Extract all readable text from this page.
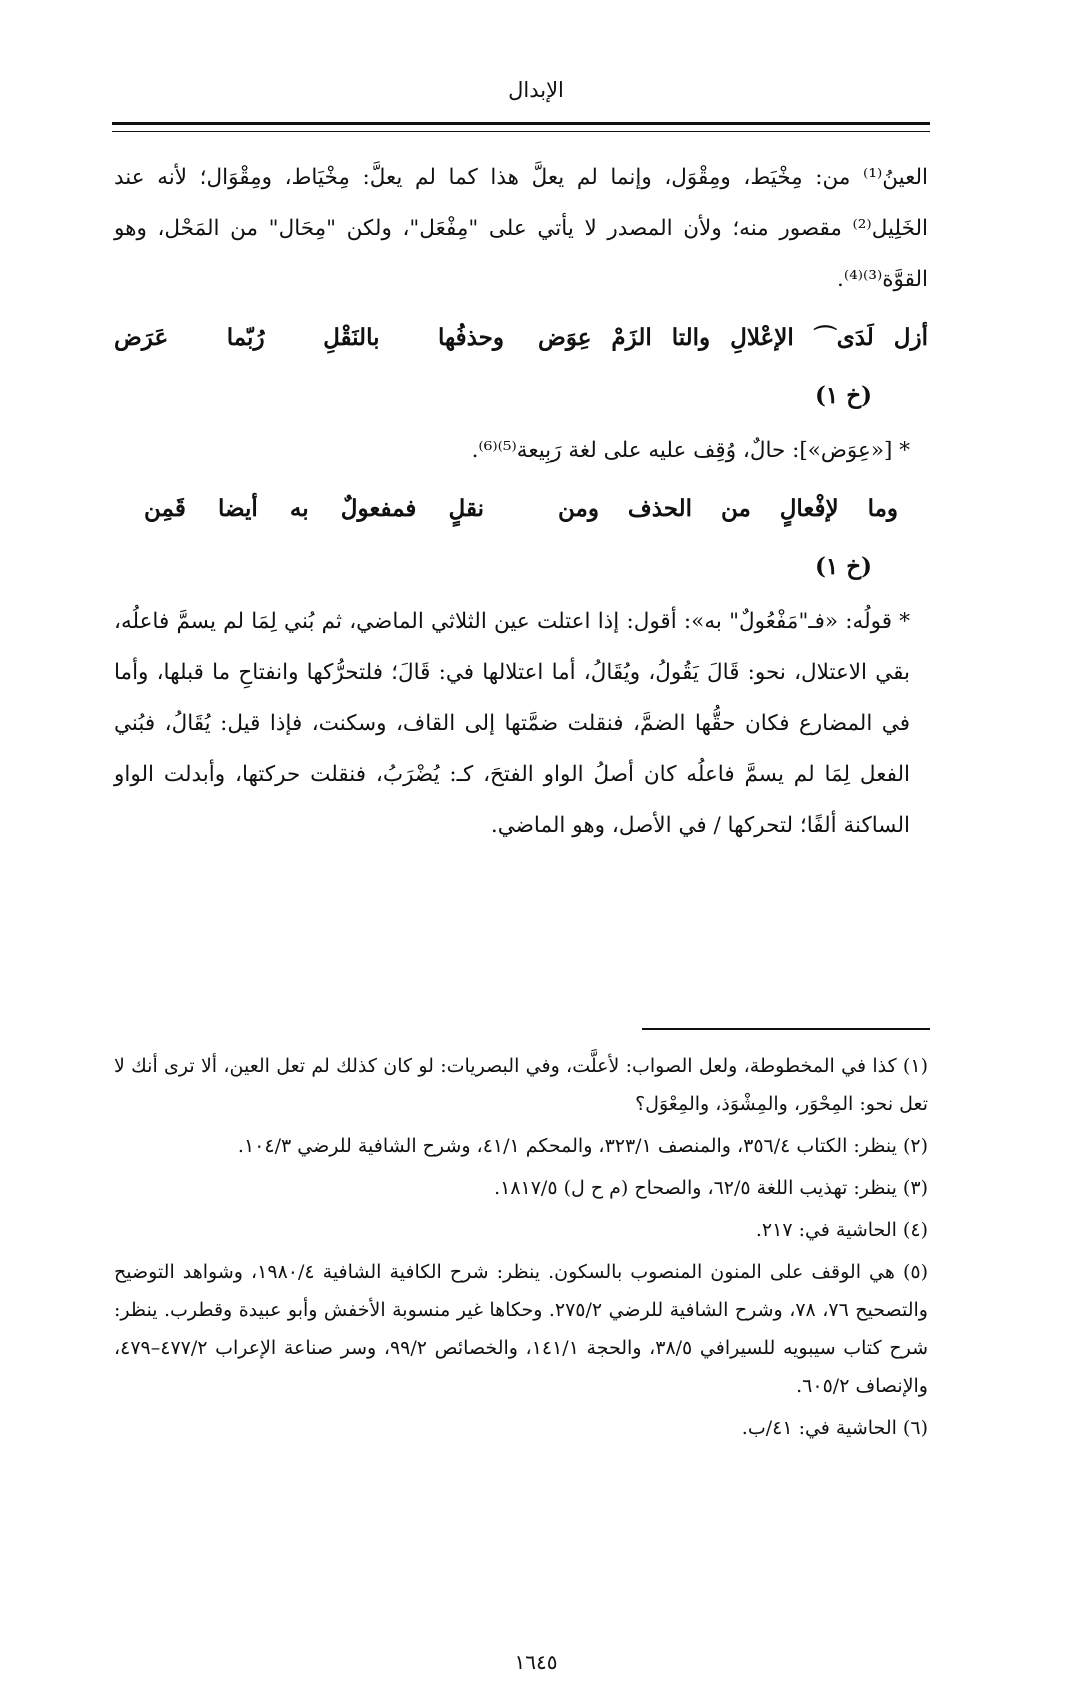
الإبدال

العينُ⁽¹⁾ من: مِخْيَط، ومِقْوَل، وإنما لم يعلَّ هذا كما لم يعلَّ: مِخْيَاط، ومِقْوَال؛ لأنه عند الخَلِيل⁽²⁾ مقصور منه؛ ولأن المصدر لا يأتي على "مِفْعَل"، ولكن "مِحَال" من المَحْل، وهو القوَّة⁽³⁾⁽⁴⁾.

أزل
لَدَى⌒
الإعْلالِ
والتا
الزَمْ
عِوَض
وحذفُها
بالنَقْلِ
رُبّما
عَرَض
(خ ١)

* [«عِوَض»]: حالٌ، وُقِف عليه على لغة رَبِيعة⁽⁵⁾⁽⁶⁾.

وما
لإفْعالٍ
من
الحذف
ومن
نقلٍ
فمفعولٌ
به
أيضا
قَمِن
(خ ١)

* قولُه: «فـ"مَفْعُولٌ" به»: أقول: إذا اعتلت عين الثلاثي الماضي، ثم بُني لِمَا لم يسمَّ فاعلُه، بقي الاعتلال، نحو: قَالَ يَقُولُ، ويُقَالُ، أما اعتلالها في: قَالَ؛ فلتحرُّكها وانفتاحِ ما قبلها، وأما في المضارع فكان حقُّها الضمَّ، فنقلت ضمَّتها إلى القاف، وسكنت، فإذا قيل: يُقَالُ، فبُني الفعل لِمَا لم يسمَّ فاعلُه كان أصلُ الواو الفتحَ، كـ: يُضْرَبُ، فنقلت حركتها، وأبدلت الواو الساكنة ألفًا؛ لتحركها / في الأصل، وهو الماضي.

(١) كذا في المخطوطة، ولعل الصواب: لأعلَّت، وفي البصريات: لو كان كذلك لم تعل العين، ألا ترى أنك لا تعل نحو: المِحْوَر، والمِشْوَذ، والمِعْوَل؟

(٢) ينظر: الكتاب ٣٥٦/٤، والمنصف ٣٢٣/١، والمحكم ٤١/١، وشرح الشافية للرضي ١٠٤/٣.

(٣) ينظر: تهذيب اللغة ٦٢/٥، والصحاح (م ح ل) ١٨١٧/٥.

(٤) الحاشية في: ٢١٧.

(٥) هي الوقف على المنون المنصوب بالسكون. ينظر: شرح الكافية الشافية ١٩٨٠/٤، وشواهد التوضيح والتصحيح ٧٦، ٧٨، وشرح الشافية للرضي ٢٧٥/٢. وحكاها غير منسوبة الأخفش وأبو عبيدة وقطرب. ينظر: شرح كتاب سيبويه للسيرافي ٣٨/٥، والحجة ١٤١/١، والخصائص ٩٩/٢، وسر صناعة الإعراب ٤٧٧/٢–٤٧٩، والإنصاف ٦٠٥/٢.

(٦) الحاشية في: ٤١/ب.

١٦٤٥
